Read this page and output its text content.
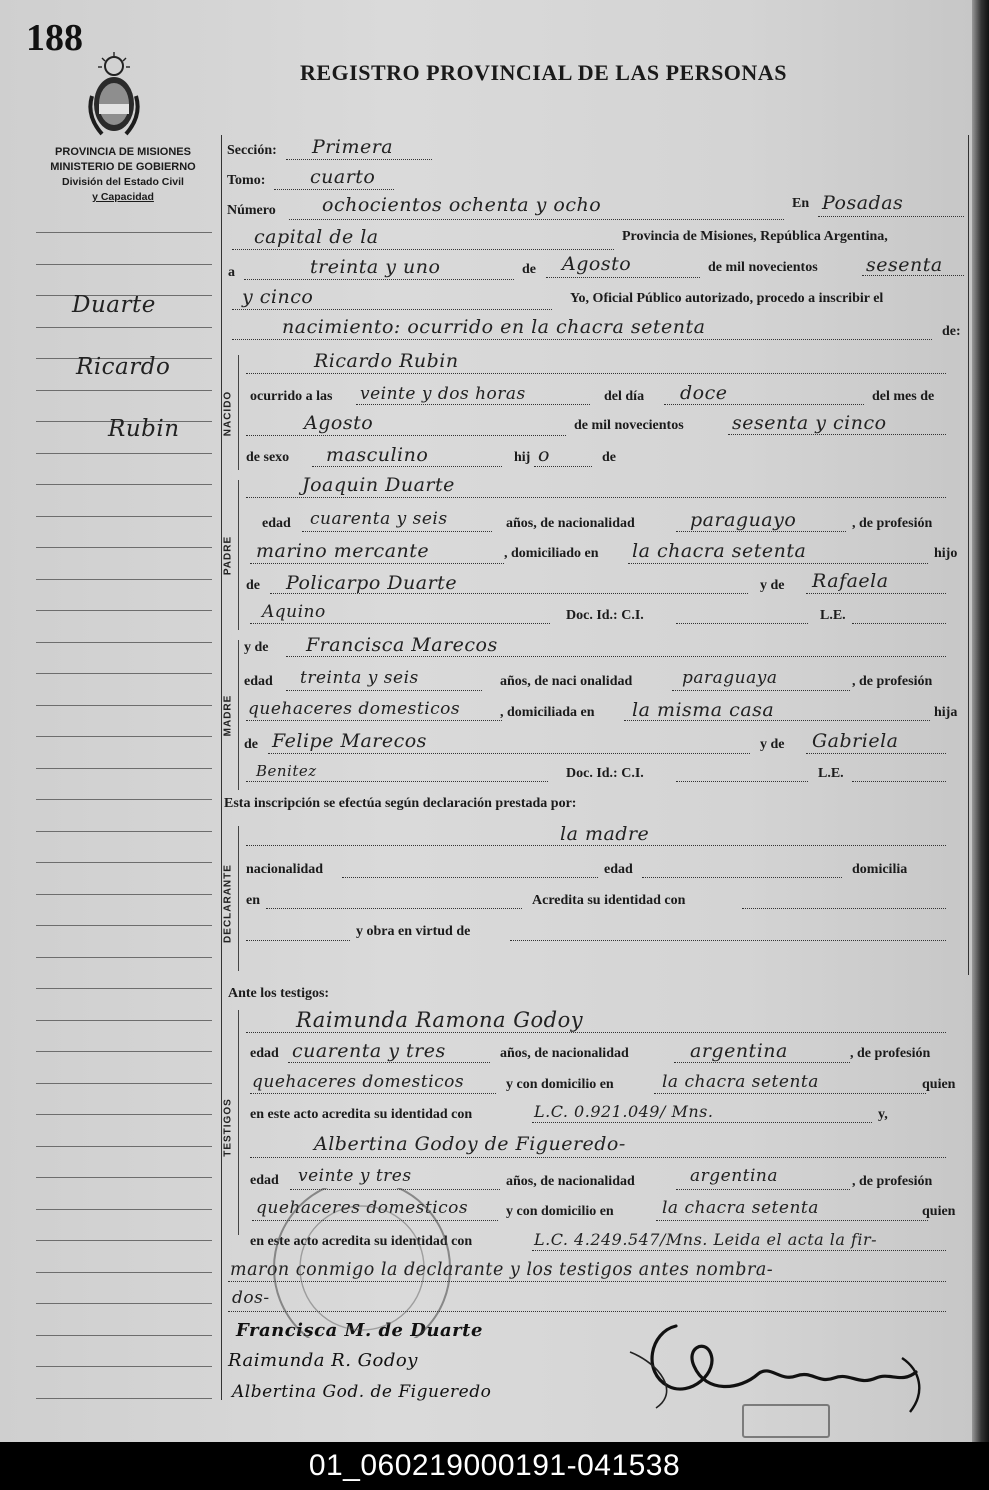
188
REGISTRO PROVINCIAL DE LAS PERSONAS
PROVINCIA DE MISIONES
MINISTERIO DE GOBIERNO
División del Estado Civil
y Capacidad
Duarte
Ricardo
Rubin	NACIDO
PADRE
MADRE
DECLARANTE
TESTIGOS
Sección: Primera
Tomo: cuarto
Número ochocientos ochenta y ocho	En Posadas
capital de la	Provincia de Misiones, República Argentina,
a	treinta y uno	de Agosto	de mil novecientos	sesenta
y cinco	Yo, Oficial Público autorizado, procedo a inscribir el
nacimiento: ocurrido en la chacra setenta	de:
Ricardo Rubin
ocurrido a las veinte y dos horas	del día doce	del mes de
Agosto	de mil novecientos	sesenta y cinco
de sexo masculino	hij o	de
Joaquin Duarte
edad cuarenta y seis	años, de nacionalidad	paraguayo	, de profesión
marino mercante	, domiciliado en la chacra setenta	hijo
de Policarpo Duarte	y de Rafaela
Aquino	Doc. Id.: C.I.	L.E.
y de Francisca Marecos
edad treinta y seis	años, de naci onalidad	paraguaya	, de profesión
quehaceres domesticos	, domiciliada en la misma casa	hija
de Felipe Marecos	y de Gabriela
Benitez	Doc. Id.: C.I.	L.E.
Esta inscripción se efectúa según declaración prestada por:
la madre
nacionalidad	edad	domicilia
en	Acredita su identidad con
y obra en virtud de
Ante los testigos:
Raimunda Ramona Godoy
edad cuarenta y tres	años, de nacionalidad	argentina	, de profesión
quehaceres domesticos	y con domicilio en	la chacra setenta	quien
en este acto acredita su identidad con	L.C. 0.921.049/ Mns.	y,
Albertina Godoy de Figueredo-
edad veinte y tres	años, de nacionalidad	argentina	, de profesión
quehaceres domesticos	y con domicilio en	la chacra setenta	quien
en este acto acredita su identidad con	L.C. 4.249.547/Mns. Leida el acta la fir-
maron conmigo la declarante y los testigos antes nombra-
dos-
Francisca M. de Duarte
Raimunda R. Godoy
Albertina God. de Figueredo
01_060219000191-041538
